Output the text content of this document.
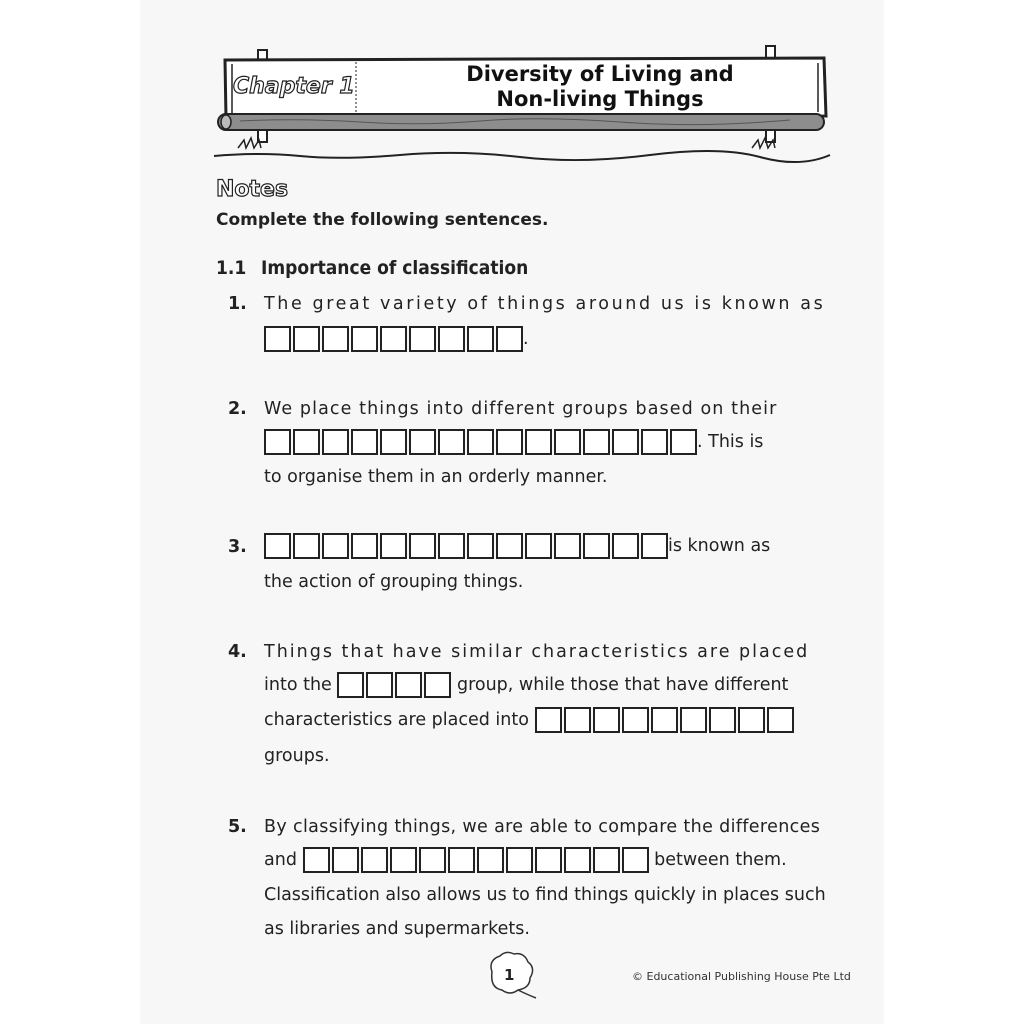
Chapter 1	Diversity of Living and
Non-living Things
Notes
Complete the following sentences.
1.1 Importance of classification
1. The great variety of things around us is known as
.
2. We place things into different groups based on their
. This is
to organise them in an orderly manner.
3.	is known as
the action of grouping things.
4. Things that have similar characteristics are placed
into the	group, while those that have different
characteristics are placed into
groups.
5. By classifying things, we are able to compare the differences
and	between them.
Classification also allows us to find things quickly in places such
as libraries and supermarkets.
1	© Educational Publishing House Pte Ltd
